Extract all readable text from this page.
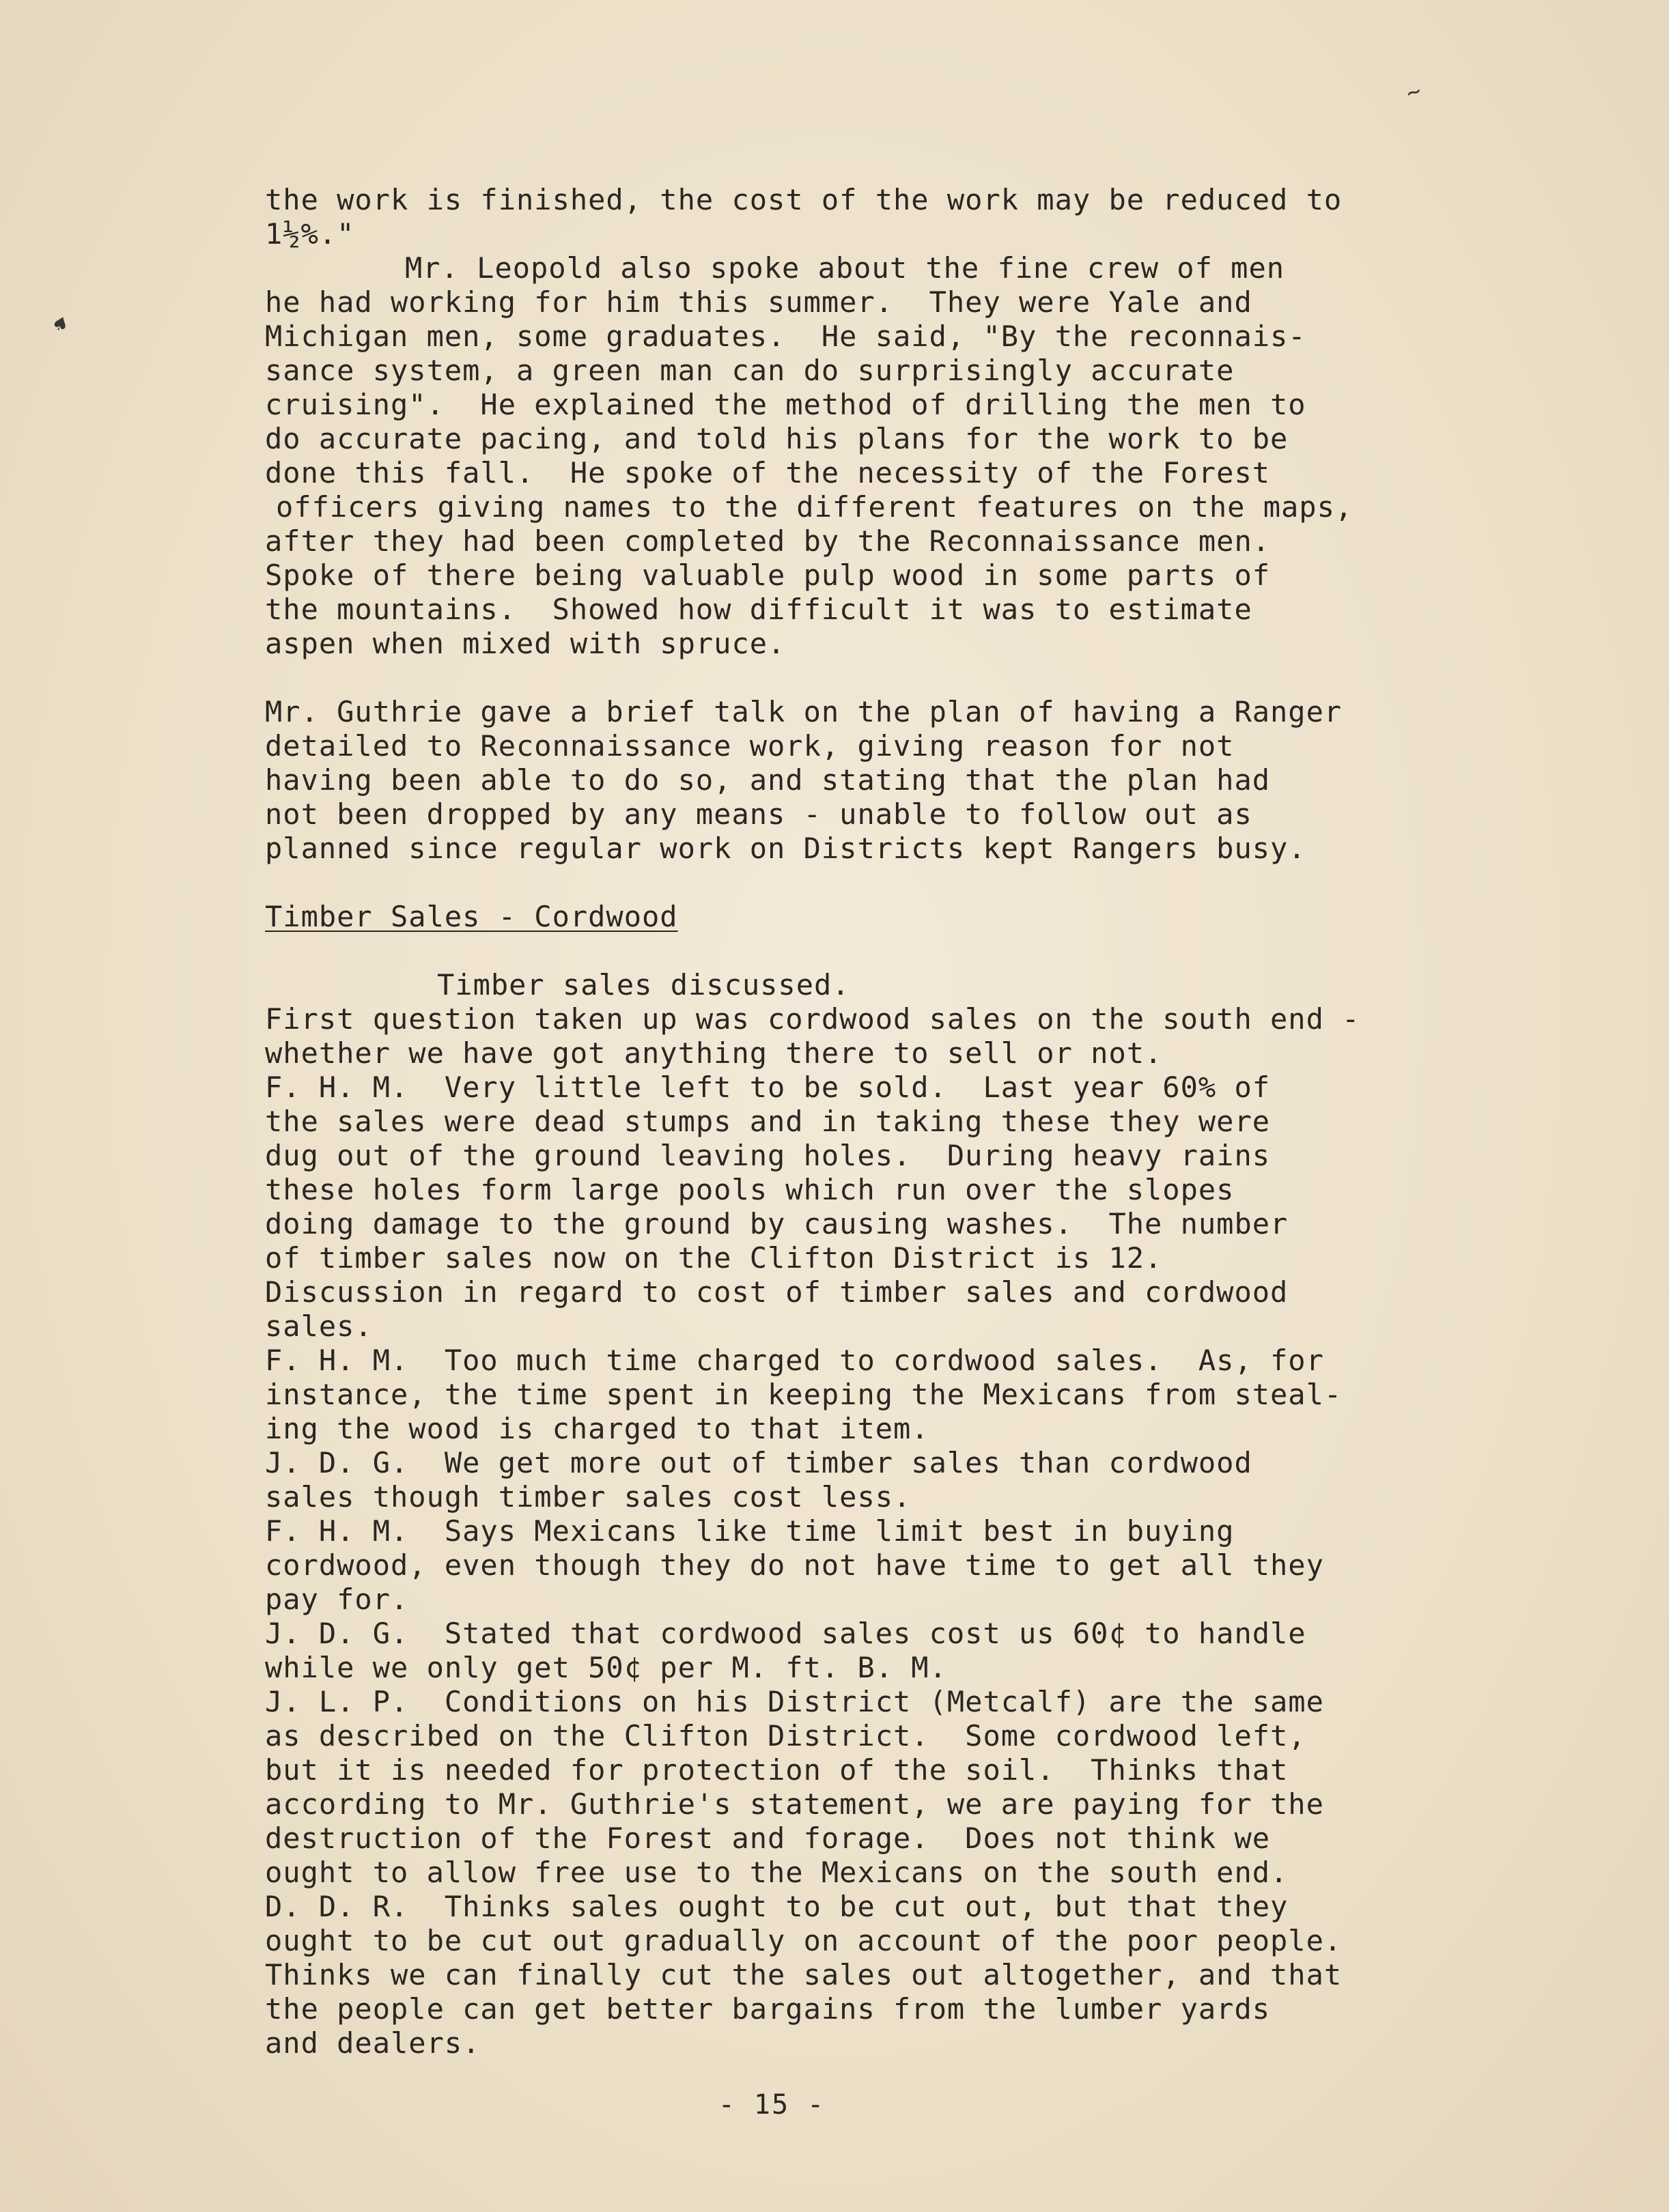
~
♠
the work is finished, the cost of the work may be reduced to
1½%."
Mr. Leopold also spoke about the fine crew of men
he had working for him this summer.  They were Yale and
Michigan men, some graduates.  He said, "By the reconnais-
sance system, a green man can do surprisingly accurate
cruising".  He explained the method of drilling the men to
do accurate pacing, and told his plans for the work to be
done this fall.  He spoke of the necessity of the Forest
officers giving names to the different features on the maps,
after they had been completed by the Reconnaissance men.
Spoke of there being valuable pulp wood in some parts of
the mountains.  Showed how difficult it was to estimate
aspen when mixed with spruce.
Mr. Guthrie gave a brief talk on the plan of having a Ranger
detailed to Reconnaissance work, giving reason for not
having been able to do so, and stating that the plan had
not been dropped by any means - unable to follow out as
planned since regular work on Districts kept Rangers busy.
Timber Sales - Cordwood
Timber sales discussed.
First question taken up was cordwood sales on the south end -
whether we have got anything there to sell or not.
F. H. M.  Very little left to be sold.  Last year 60% of
the sales were dead stumps and in taking these they were
dug out of the ground leaving holes.  During heavy rains
these holes form large pools which run over the slopes
doing damage to the ground by causing washes.  The number
of timber sales now on the Clifton District is 12.
Discussion in regard to cost of timber sales and cordwood
sales.
F. H. M.  Too much time charged to cordwood sales.  As, for
instance, the time spent in keeping the Mexicans from steal-
ing the wood is charged to that item.
J. D. G.  We get more out of timber sales than cordwood
sales though timber sales cost less.
F. H. M.  Says Mexicans like time limit best in buying
cordwood, even though they do not have time to get all they
pay for.
J. D. G.  Stated that cordwood sales cost us 60¢ to handle
while we only get 50¢ per M. ft. B. M.
J. L. P.  Conditions on his District (Metcalf) are the same
as described on the Clifton District.  Some cordwood left,
but it is needed for protection of the soil.  Thinks that
according to Mr. Guthrie's statement, we are paying for the
destruction of the Forest and forage.  Does not think we
ought to allow free use to the Mexicans on the south end.
D. D. R.  Thinks sales ought to be cut out, but that they
ought to be cut out gradually on account of the poor people.
Thinks we can finally cut the sales out altogether, and that
the people can get better bargains from the lumber yards
and dealers.
- 15 -
